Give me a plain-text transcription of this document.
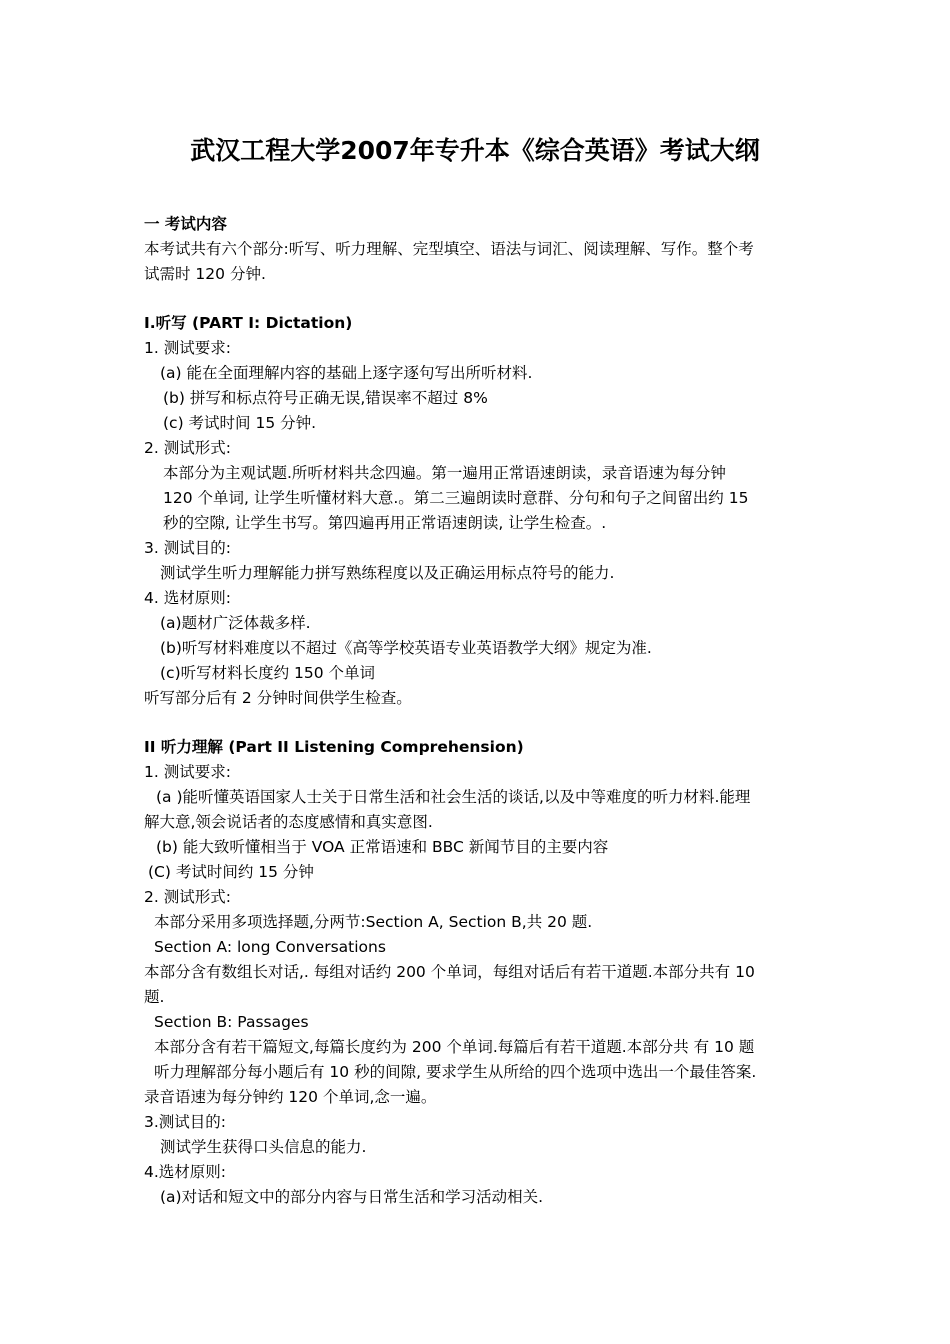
武汉工程大学2007年专升本《综合英语》考试大纲
一 考试内容
本考试共有六个部分:听写、听力理解、完型填空、语法与词汇、阅读理解、写作。整个考
试需时 120 分钟.
I.听写 (PART I: Dictation)
1. 测试要求:
(a) 能在全面理解内容的基础上逐字逐句写出所听材料.
(b) 拼写和标点符号正确无误,错误率不超过 8%
(c) 考试时间 15 分钟.
2. 测试形式:
本部分为主观试题.所听材料共念四遍。第一遍用正常语速朗读，录音语速为每分钟
120 个单词, 让学生听懂材料大意.。第二三遍朗读时意群、分句和句子之间留出约 15
秒的空隙, 让学生书写。第四遍再用正常语速朗读, 让学生检查。.
3. 测试目的:
测试学生听力理解能力拼写熟练程度以及正确运用标点符号的能力.
4. 选材原则:
(a)题材广泛体裁多样.
(b)听写材料难度以不超过《高等学校英语专业英语教学大纲》规定为准.
(c)听写材料长度约 150 个单词
听写部分后有 2 分钟时间供学生检查。
II 听力理解 (Part II Listening Comprehension)
1. 测试要求:
(a )能听懂英语国家人士关于日常生活和社会生活的谈话,以及中等难度的听力材料.能理
解大意,领会说话者的态度感情和真实意图.
(b) 能大致听懂相当于 VOA 正常语速和 BBC 新闻节目的主要内容
(C) 考试时间约 15 分钟
2. 测试形式:
本部分采用多项选择题,分两节:Section A, Section B,共 20 题.
Section A: long Conversations
本部分含有数组长对话,. 每组对话约 200 个单词，每组对话后有若干道题.本部分共有 10
题.
Section B: Passages
本部分含有若干篇短文,每篇长度约为 200 个单词.每篇后有若干道题.本部分共 有 10 题
听力理解部分每小题后有 10 秒的间隙, 要求学生从所给的四个选项中选出一个最佳答案.
录音语速为每分钟约 120 个单词,念一遍。
3.测试目的:
测试学生获得口头信息的能力.
4.选材原则:
(a)对话和短文中的部分内容与日常生活和学习活动相关.
